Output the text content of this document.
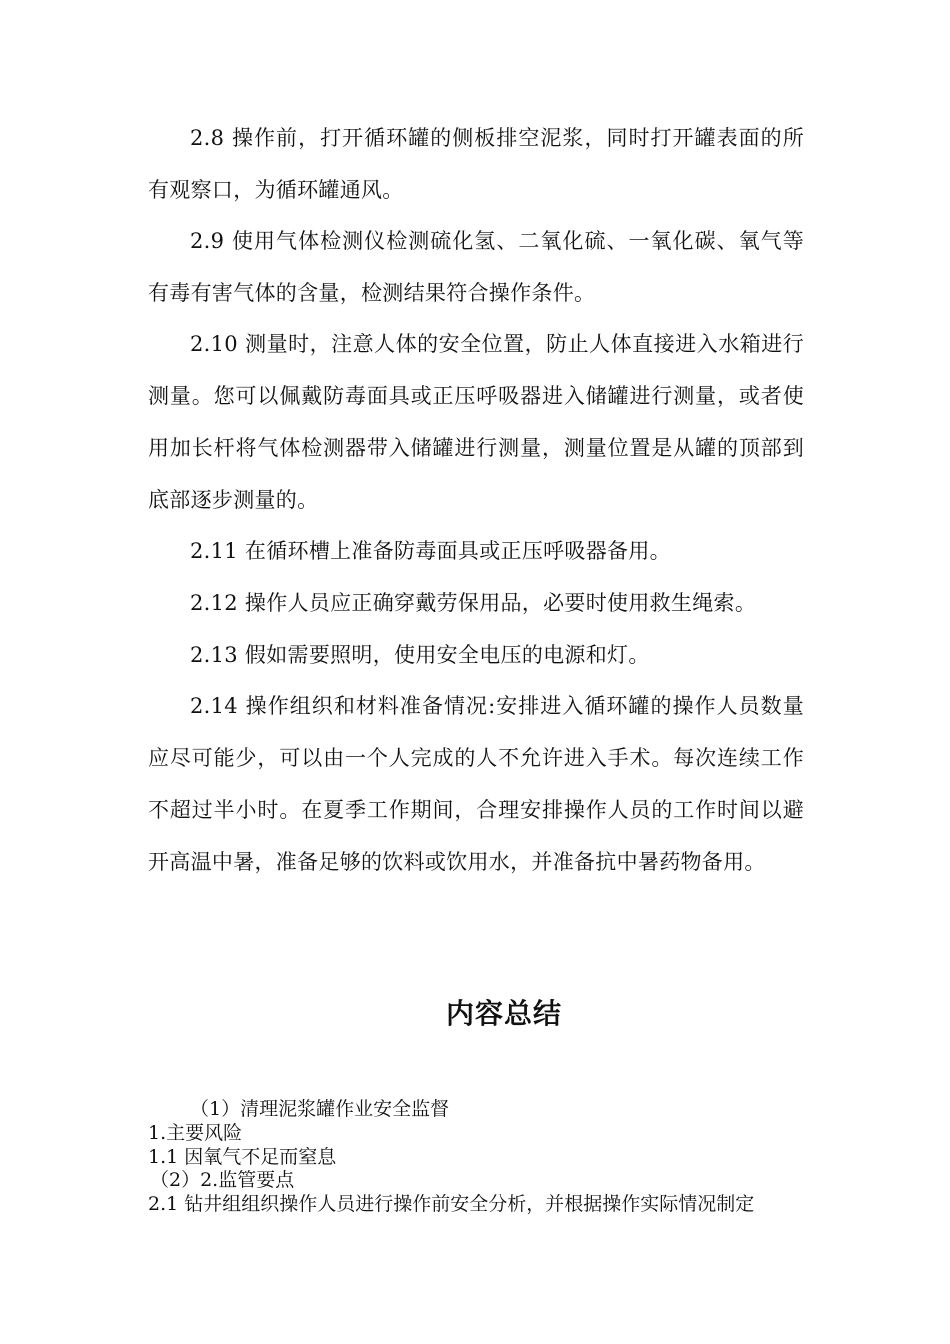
2.8 操作前，打开循环罐的侧板排空泥浆，同时打开罐表面的所有观察口，为循环罐通风。

2.9 使用气体检测仪检测硫化氢、二氧化硫、一氧化碳、氧气等有毒有害气体的含量，检测结果符合操作条件。

2.10 测量时，注意人体的安全位置，防止人体直接进入水箱进行测量。您可以佩戴防毒面具或正压呼吸器进入储罐进行测量，或者使用加长杆将气体检测器带入储罐进行测量，测量位置是从罐的顶部到底部逐步测量的。

2.11 在循环槽上准备防毒面具或正压呼吸器备用。

2.12 操作人员应正确穿戴劳保用品，必要时使用救生绳索。

2.13 假如需要照明，使用安全电压的电源和灯。

2.14 操作组织和材料准备情况:安排进入循环罐的操作人员数量应尽可能少，可以由一个人完成的人不允许进入手术。每次连续工作不超过半小时。在夏季工作期间，合理安排操作人员的工作时间以避开高温中暑，准备足够的饮料或饮用水，并准备抗中暑药物备用。

内容总结

（1）清理泥浆罐作业安全监督

1.主要风险

1.1 因氧气不足而窒息

（2）2.监管要点

2.1 钻井组组织操作人员进行操作前安全分析，并根据操作实际情况制定
